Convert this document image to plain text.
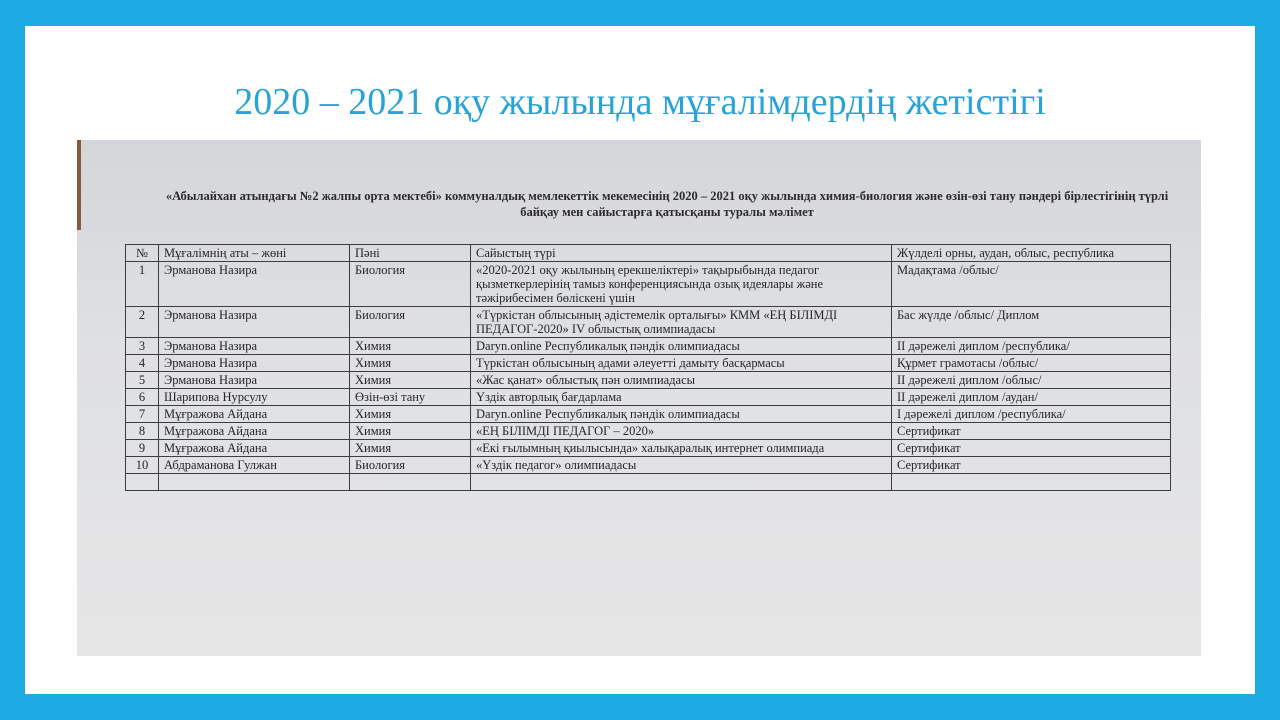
2020 – 2021 оқу жылында мұғалімдердің жетістігі
«Абылайхан атындағы №2 жалпы орта мектебі» коммуналдық мемлекеттік мекемесінің 2020 – 2021 оқу жылында химия-биология және өзін-өзі тану пәндері бірлестігінің түрлі байқау мен сайыстарға қатысқаны туралы мәлімет
№	Мұғалімнің аты – жөні	Пәні	Сайыстың түрі	Жүлделі орны, аудан, облыс, республика
1	Эрманова Назира	Биология	«2020-2021 оқу жылының ерекшеліктері» тақырыбында педагог қызметкерлерінің тамыз конференциясында озық идеялары және тәжірибесімен бөліскені үшін	Мадақтама /облыс/
2	Эрманова Назира	Биология	«Түркістан облысының әдістемелік орталығы» КММ «ЕҢ БІЛІМДІ ПЕДАГОГ-2020» IV облыстық олимпиадасы	Бас жүлде /облыс/ Диплом
3	Эрманова Назира	Химия	Daryn.online Республикалық пәндік олимпиадасы	II дәрежелі диплом /республика/
4	Эрманова Назира	Химия	Түркістан облысының адами әлеуетті дамыту басқармасы	Құрмет грамотасы /облыс/
5	Эрманова Назира	Химия	«Жас қанат» облыстық пән олимпиадасы	II дәрежелі диплом /облыс/
6	Шарипова Нурсулу	Өзін-өзі тану	Үздік авторлық бағдарлама	II дәрежелі диплом /аудан/
7	Мұғражова Айдана	Химия	Daryn.online Республикалық пәндік олимпиадасы	I дәрежелі диплом /республика/
8	Мұғражова Айдана	Химия	«ЕҢ БІЛІМДІ ПЕДАГОГ – 2020»	Сертификат
9	Мұғражова Айдана	Химия	«Екі ғылымның қиылысында» халықаралық интернет олимпиада	Сертификат
10	Абдраманова Гулжан	Биология	«Үздік педагог» олимпиадасы	Сертификат
